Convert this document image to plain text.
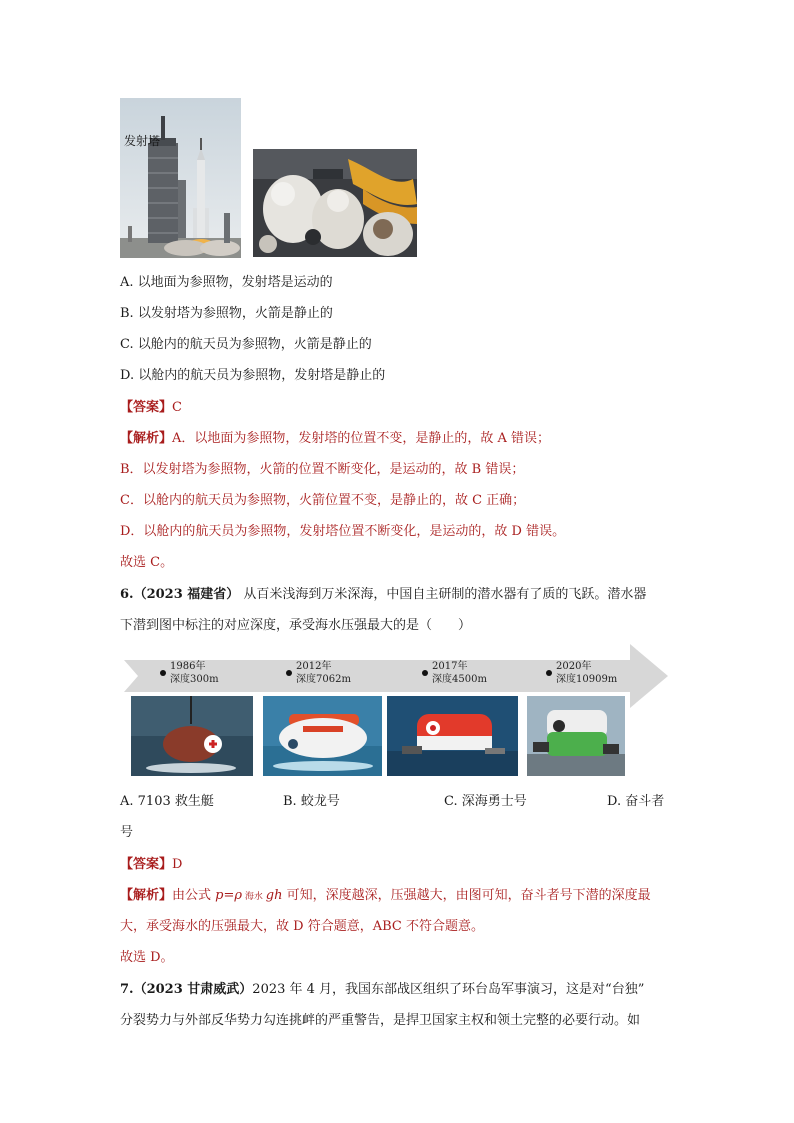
发射塔
A. 以地面为参照物，发射塔是运动的
B. 以发射塔为参照物，火箭是静止的
C. 以舱内的航天员为参照物，火箭是静止的
D. 以舱内的航天员为参照物，发射塔是静止的
【答案】C
【解析】A．以地面为参照物，发射塔的位置不变，是静止的，故 A 错误；
B．以发射塔为参照物，火箭的位置不断变化，是运动的，故 B 错误；
C．以舱内的航天员为参照物，火箭位置不变，是静止的，故 C 正确；
D．以舱内的航天员为参照物，发射塔位置不断变化，是运动的，故 D 错误。
故选 C。
6.（2023 福建省） 从百米浅海到万米深海，中国自主研制的潜水器有了质的飞跃。潜水器
下潜到图中标注的对应深度，承受海水压强最大的是（　　）
1986年
深度300m
2012年
深度7062m
2017年
深度4500m
2020年
深度10909m
A. 7103 救生艇	B. 蛟龙号	C. 深海勇士号	D. 奋斗者
号
【答案】D
【解析】由公式 p=ρ 海水 gh 可知，深度越深，压强越大，由图可知，奋斗者号下潜的深度最
大，承受海水的压强最大，故 D 符合题意，ABC 不符合题意。
故选 D。
7.（2023 甘肃威武）2023 年 4 月，我国东部战区组织了环台岛军事演习，这是对“台独”
分裂势力与外部反华势力勾连挑衅的严重警告，是捍卫国家主权和领土完整的必要行动。如
